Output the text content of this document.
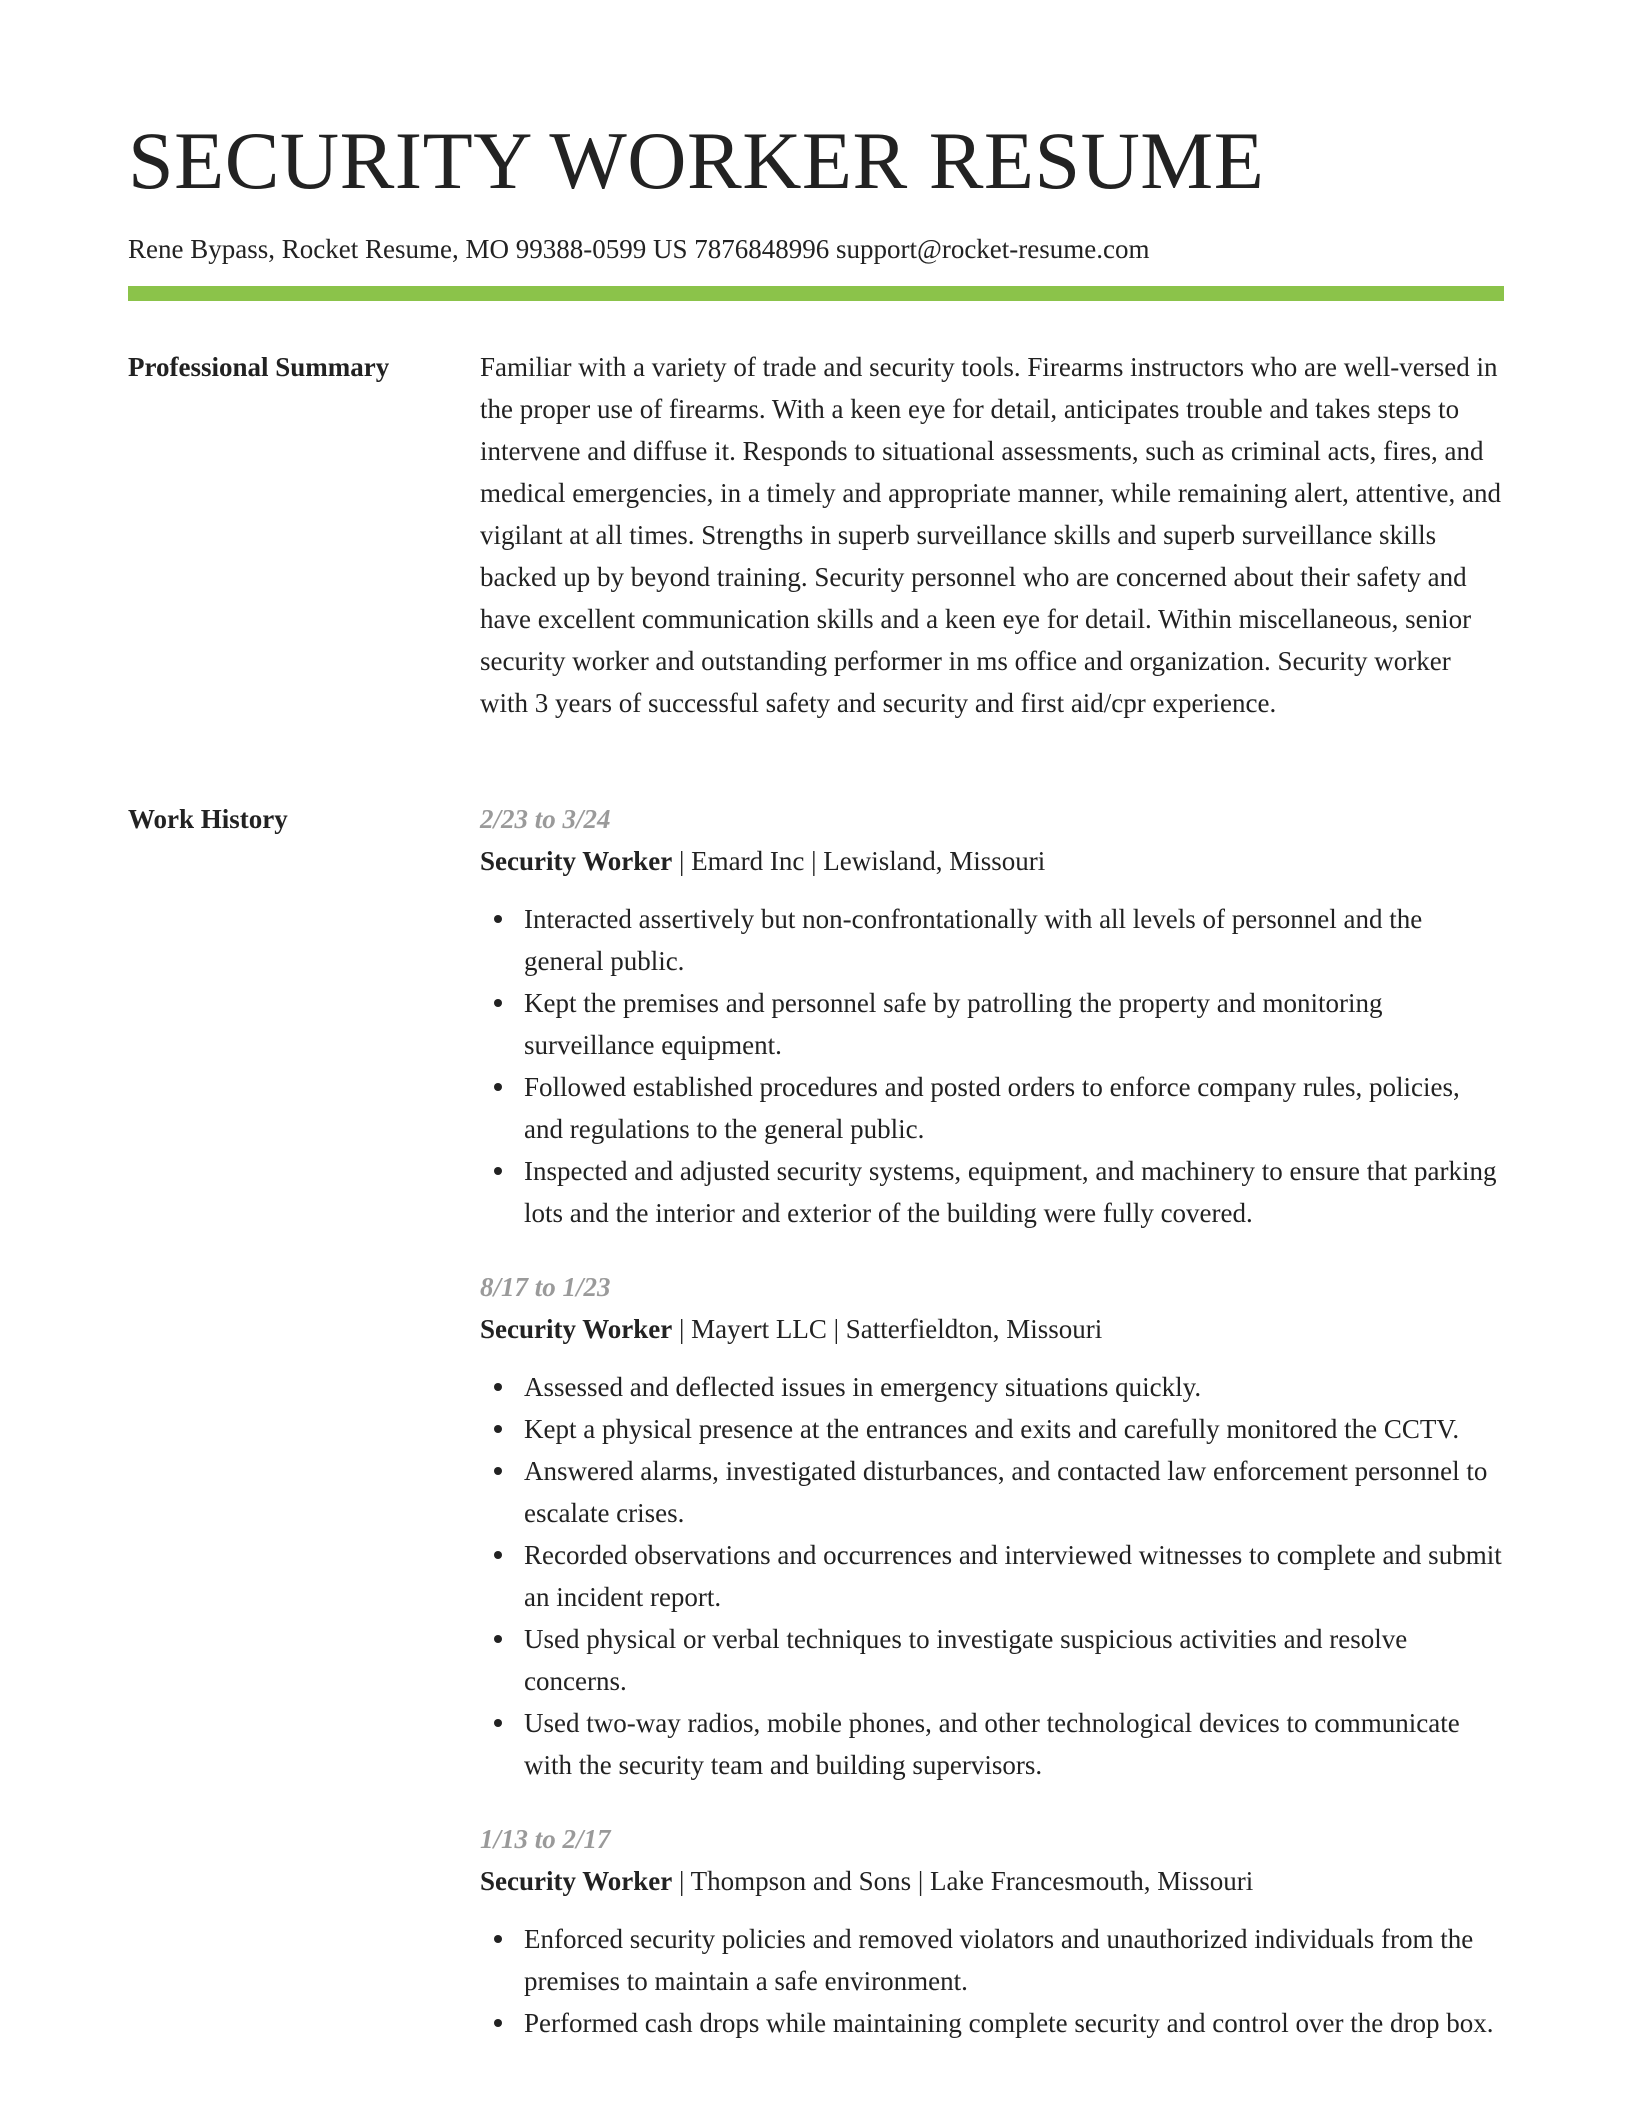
SECURITY WORKER RESUME
Rene Bypass, Rocket Resume, MO 99388-0599 US 7876848996 support@rocket-resume.com
Professional Summary	Familiar with a variety of trade and security tools. Firearms instructors who are well-versed in the proper use of firearms. With a keen eye for detail, anticipates trouble and takes steps to intervene and diffuse it. Responds to situational assessments, such as criminal acts, fires, and medical emergencies, in a timely and appropriate manner, while remaining alert, attentive, and vigilant at all times. Strengths in superb surveillance skills and superb surveillance skills backed up by beyond training. Security personnel who are concerned about their safety and have excellent communication skills and a keen eye for detail. Within miscellaneous, senior security worker and outstanding performer in ms office and organization. Security worker with 3 years of successful safety and security and first aid/cpr experience.

Work History	2/23 to 3/24
Security Worker | Emard Inc | Lewisland, Missouri
Interacted assertively but non-confrontationally with all levels of personnel and the general public.
Kept the premises and personnel safe by patrolling the property and monitoring surveillance equipment.
Followed established procedures and posted orders to enforce company rules, policies, and regulations to the general public.
Inspected and adjusted security systems, equipment, and machinery to ensure that parking lots and the interior and exterior of the building were fully covered.
8/17 to 1/23
Security Worker | Mayert LLC | Satterfieldton, Missouri
Assessed and deflected issues in emergency situations quickly.
Kept a physical presence at the entrances and exits and carefully monitored the CCTV.
Answered alarms, investigated disturbances, and contacted law enforcement personnel to escalate crises.
Recorded observations and occurrences and interviewed witnesses to complete and submit an incident report.
Used physical or verbal techniques to investigate suspicious activities and resolve concerns.
Used two-way radios, mobile phones, and other technological devices to communicate with the security team and building supervisors.
1/13 to 2/17
Security Worker | Thompson and Sons | Lake Francesmouth, Missouri
Enforced security policies and removed violators and unauthorized individuals from the premises to maintain a safe environment.
Performed cash drops while maintaining complete security and control over the drop box.
